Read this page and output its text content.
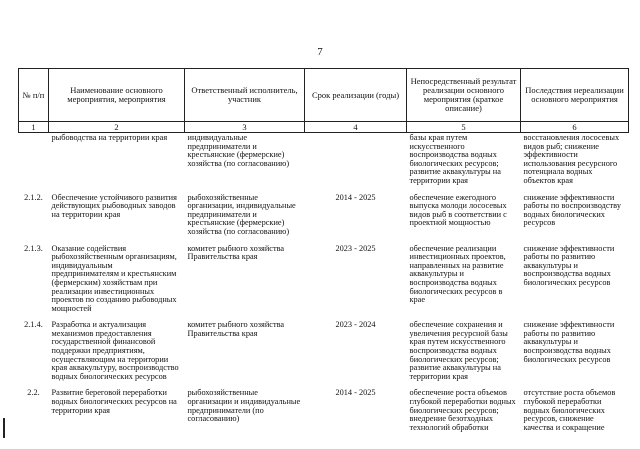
7
№ п/п	Наименование основного мероприятия, мероприятия	Ответственный исполнитель, участник	Срок реализации (годы)	Непосредственный результат реализации основного мероприятия (краткое описание)	Последствия нереализации основного мероприятия
1	2	3	4	5	6
	рыбоводства на территории края	индивидуальные предприниматели и крестьянские (фермерские) хозяйства (по согласованию)		базы края путем искусственного воспроизводства водных биологических ресурсов; развитие аквакультуры на территории края	восстановления лососевых видов рыб; снижение эффективности использования ресурсного потенциала водных объектов края
2.1.2.	Обеспечение устойчивого развития действующих рыбоводных заводов на территории края	рыбохозяйственные организации, индивидуальные предприниматели и крестьянские (фермерские) хозяйства (по согласованию)	2014 - 2025	обеспечение ежегодного выпуска молоди лососевых видов рыб в соответствии с проектной мощностью	снижение эффективности работы по воспроизводству водных биологических ресурсов
2.1.3.	Оказание содействия рыбохозяйственным организациям, индивидуальным предпринимателям и крестьянским (фермерским) хозяйствам при реализации инвестиционных проектов по созданию рыбоводных мощностей	комитет рыбного хозяйства Правительства края	2023 - 2025	обеспечение реализации инвестиционных проектов, направленных на развитие аквакультуры и воспроизводства водных биологических ресурсов в крае	снижение эффективности работы по развитию аквакультуры и воспроизводства водных биологических ресурсов
2.1.4.	Разработка и актуализация механизмов предоставления государственной финансовой поддержки предприятиям, осуществляющим на территории края аквакультуру, воспроизводство водных биологических ресурсов	комитет рыбного хозяйства Правительства края	2023 - 2024	обеспечение сохранения и увеличения ресурсной базы края путем искусственного воспроизводства водных биологических ресурсов; развитие аквакультуры на территории края	снижение эффективности работы по развитию аквакультуры и воспроизводства водных биологических ресурсов
2.2.	Развитие береговой переработки водных биологических ресурсов на территории края	рыбохозяйственные организации и индивидуальные предприниматели (по согласованию)	2014 - 2025	обеспечение роста объемов глубокой переработки водных биологических ресурсов; внедрение безотходных технологий обработки	отсутствие роста объемов глубокой переработки водных биологических ресурсов, снижение качества и сокращение
